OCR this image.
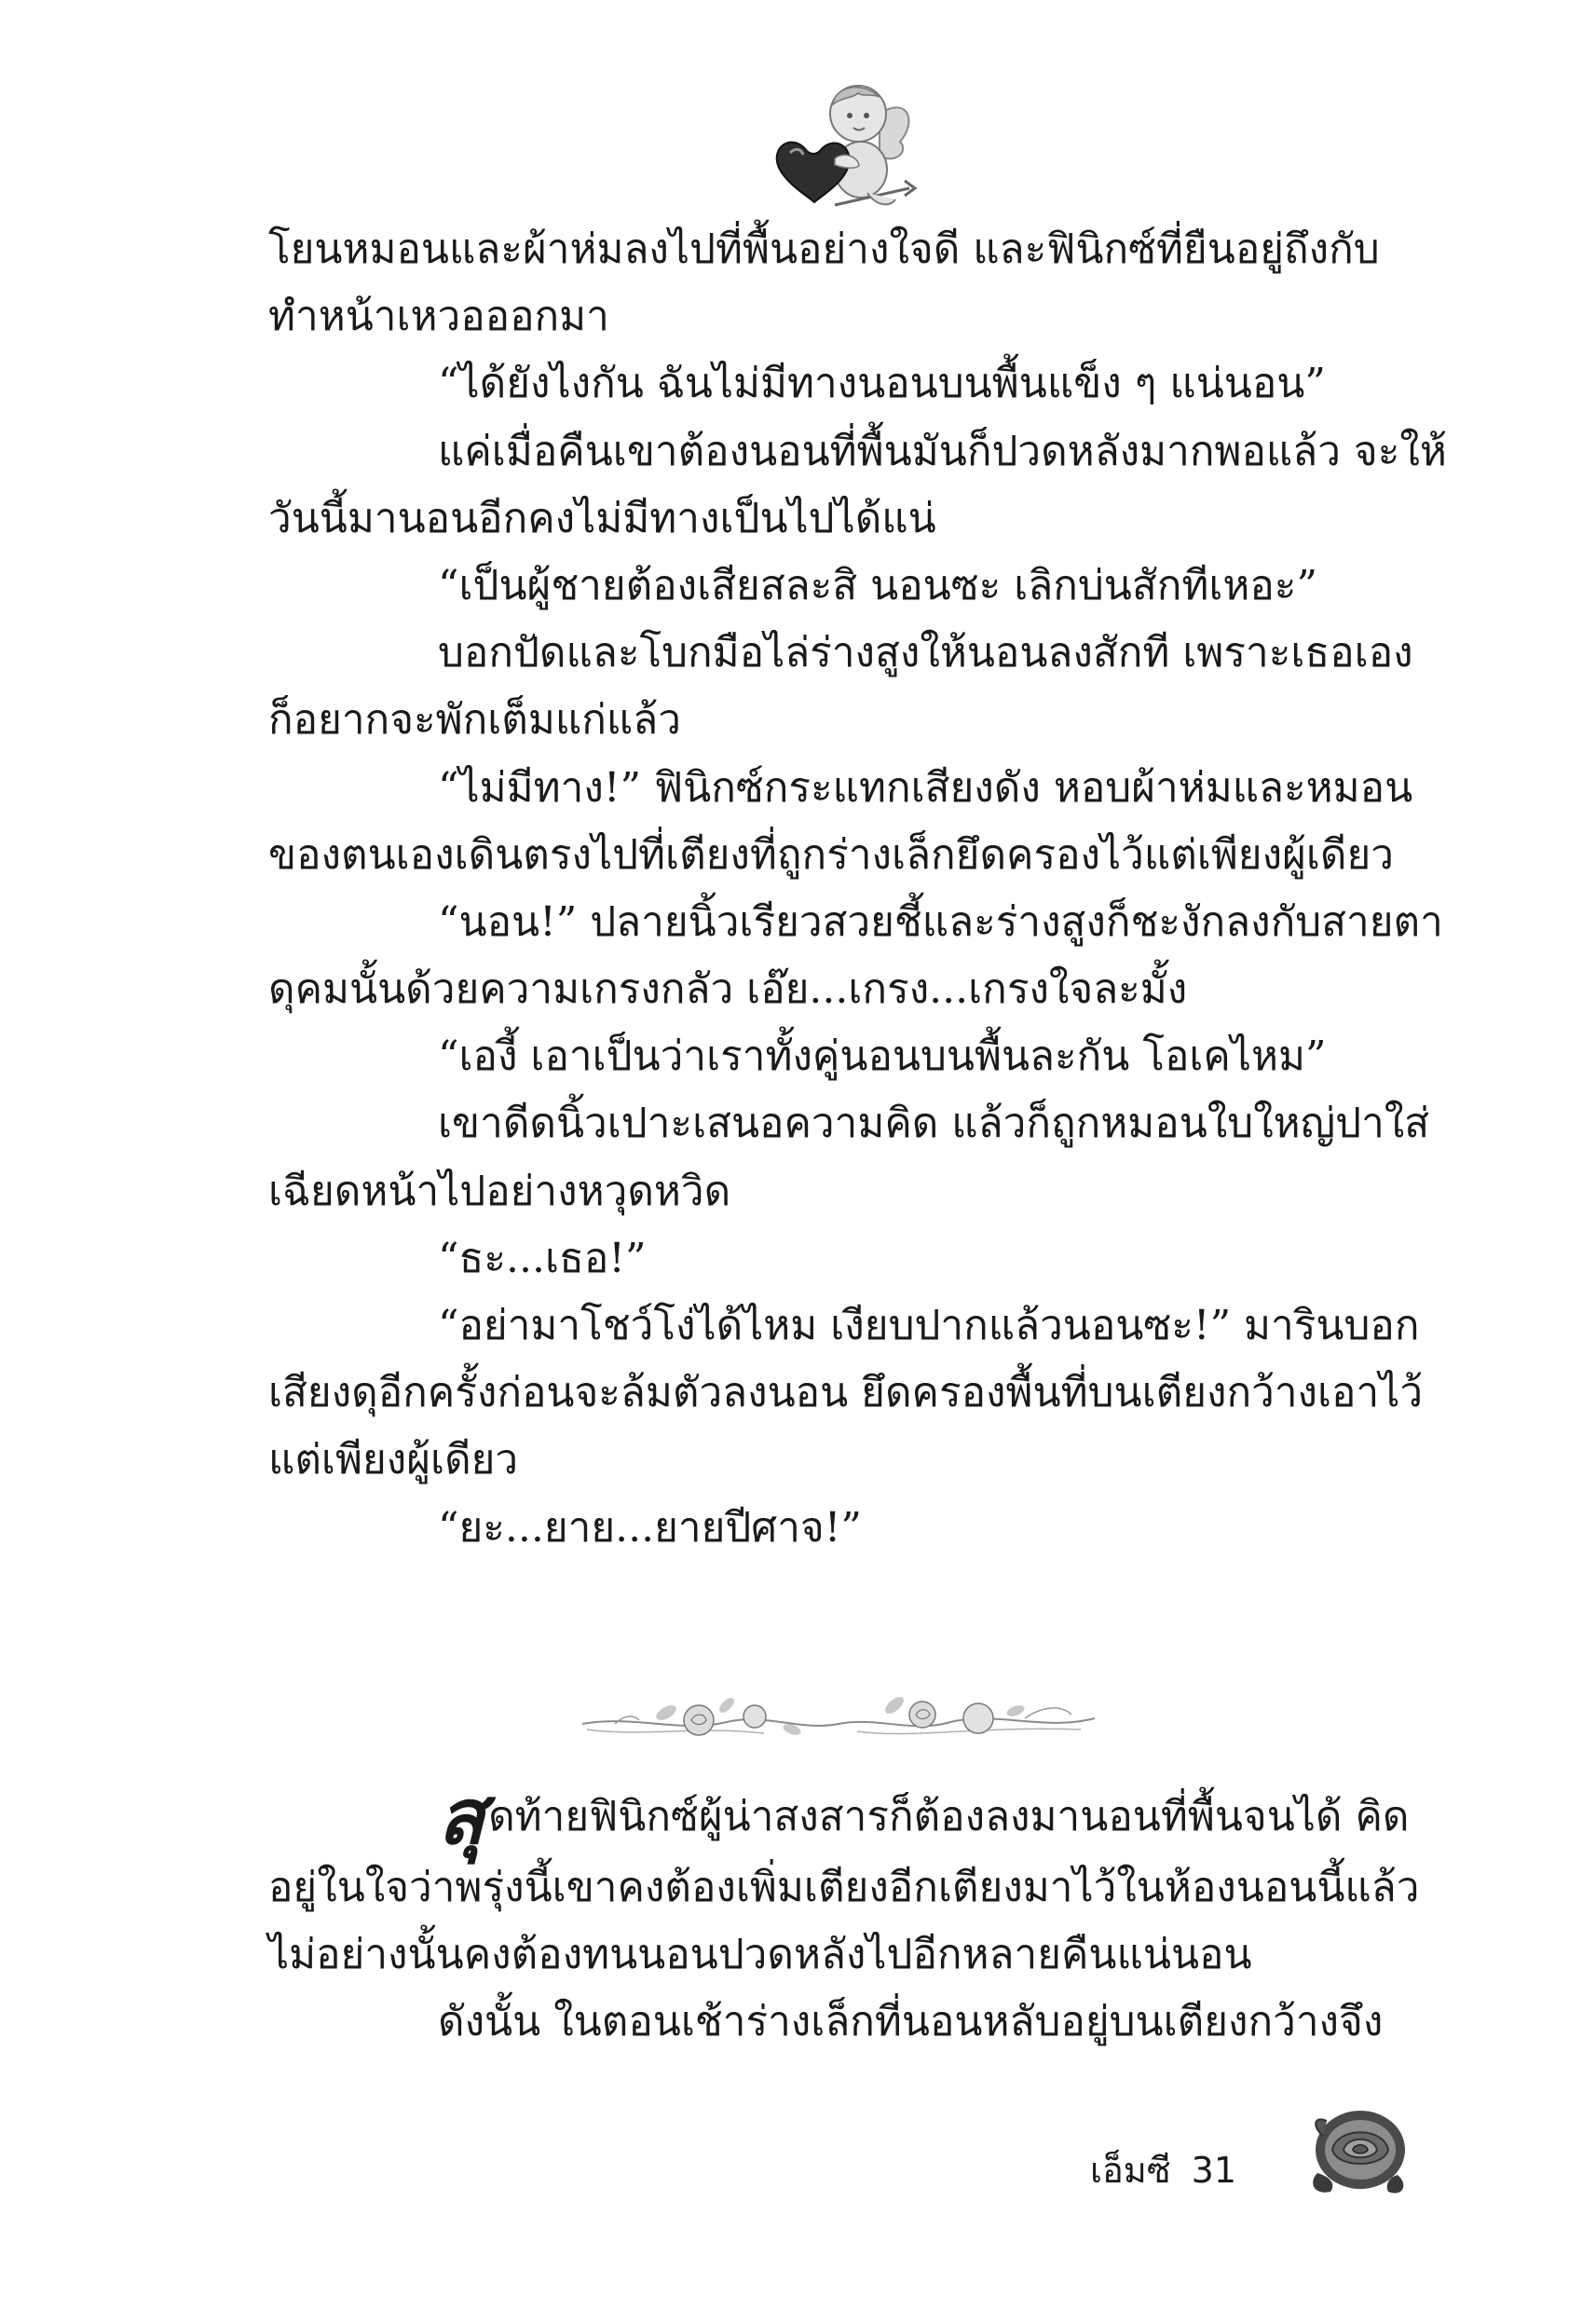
โยนหมอนและผ้าห่มลงไปที่พื้นอย่างใจดี และฟินิกซ์ที่ยืนอยู่ถึงกับ
ทำหน้าเหวอออกมา
“ได้ยังไงกัน ฉันไม่มีทางนอนบนพื้นแข็ง ๆ แน่นอน”
แค่เมื่อคืนเขาต้องนอนที่พื้นมันก็ปวดหลังมากพอแล้ว จะให้
วันนี้มานอนอีกคงไม่มีทางเป็นไปได้แน่
“เป็นผู้ชายต้องเสียสละสิ นอนซะ เลิกบ่นสักทีเหอะ”
บอกปัดและโบกมือไล่ร่างสูงให้นอนลงสักที เพราะเธอเอง
ก็อยากจะพักเต็มแก่แล้ว
“ไม่มีทาง!” ฟินิกซ์กระแทกเสียงดัง หอบผ้าห่มและหมอน
ของตนเองเดินตรงไปที่เตียงที่ถูกร่างเล็กยึดครองไว้แต่เพียงผู้เดียว
“นอน!” ปลายนิ้วเรียวสวยชี้และร่างสูงก็ชะงักลงกับสายตา
ดุคมนั้นด้วยความเกรงกลัว เอ๊ย...เกรง...เกรงใจละมั้ง
“เองี้ เอาเป็นว่าเราทั้งคู่นอนบนพื้นละกัน โอเคไหม”
เขาดีดนิ้วเปาะเสนอความคิด แล้วก็ถูกหมอนใบใหญ่ปาใส่
เฉียดหน้าไปอย่างหวุดหวิด
“ธะ...เธอ!”
“อย่ามาโชว์โง่ได้ไหม เงียบปากแล้วนอนซะ!” มารินบอก
เสียงดุอีกครั้งก่อนจะล้มตัวลงนอน ยึดครองพื้นที่บนเตียงกว้างเอาไว้
แต่เพียงผู้เดียว
“ยะ...ยาย...ยายปีศาจ!”
สุดท้ายฟินิกซ์ผู้น่าสงสารก็ต้องลงมานอนที่พื้นจนได้ คิด
อยู่ในใจว่าพรุ่งนี้เขาคงต้องเพิ่มเตียงอีกเตียงมาไว้ในห้องนอนนี้แล้ว
ไม่อย่างนั้นคงต้องทนนอนปวดหลังไปอีกหลายคืนแน่นอน
ดังนั้น ในตอนเช้าร่างเล็กที่นอนหลับอยู่บนเตียงกว้างจึง
เอ็มซี 31
